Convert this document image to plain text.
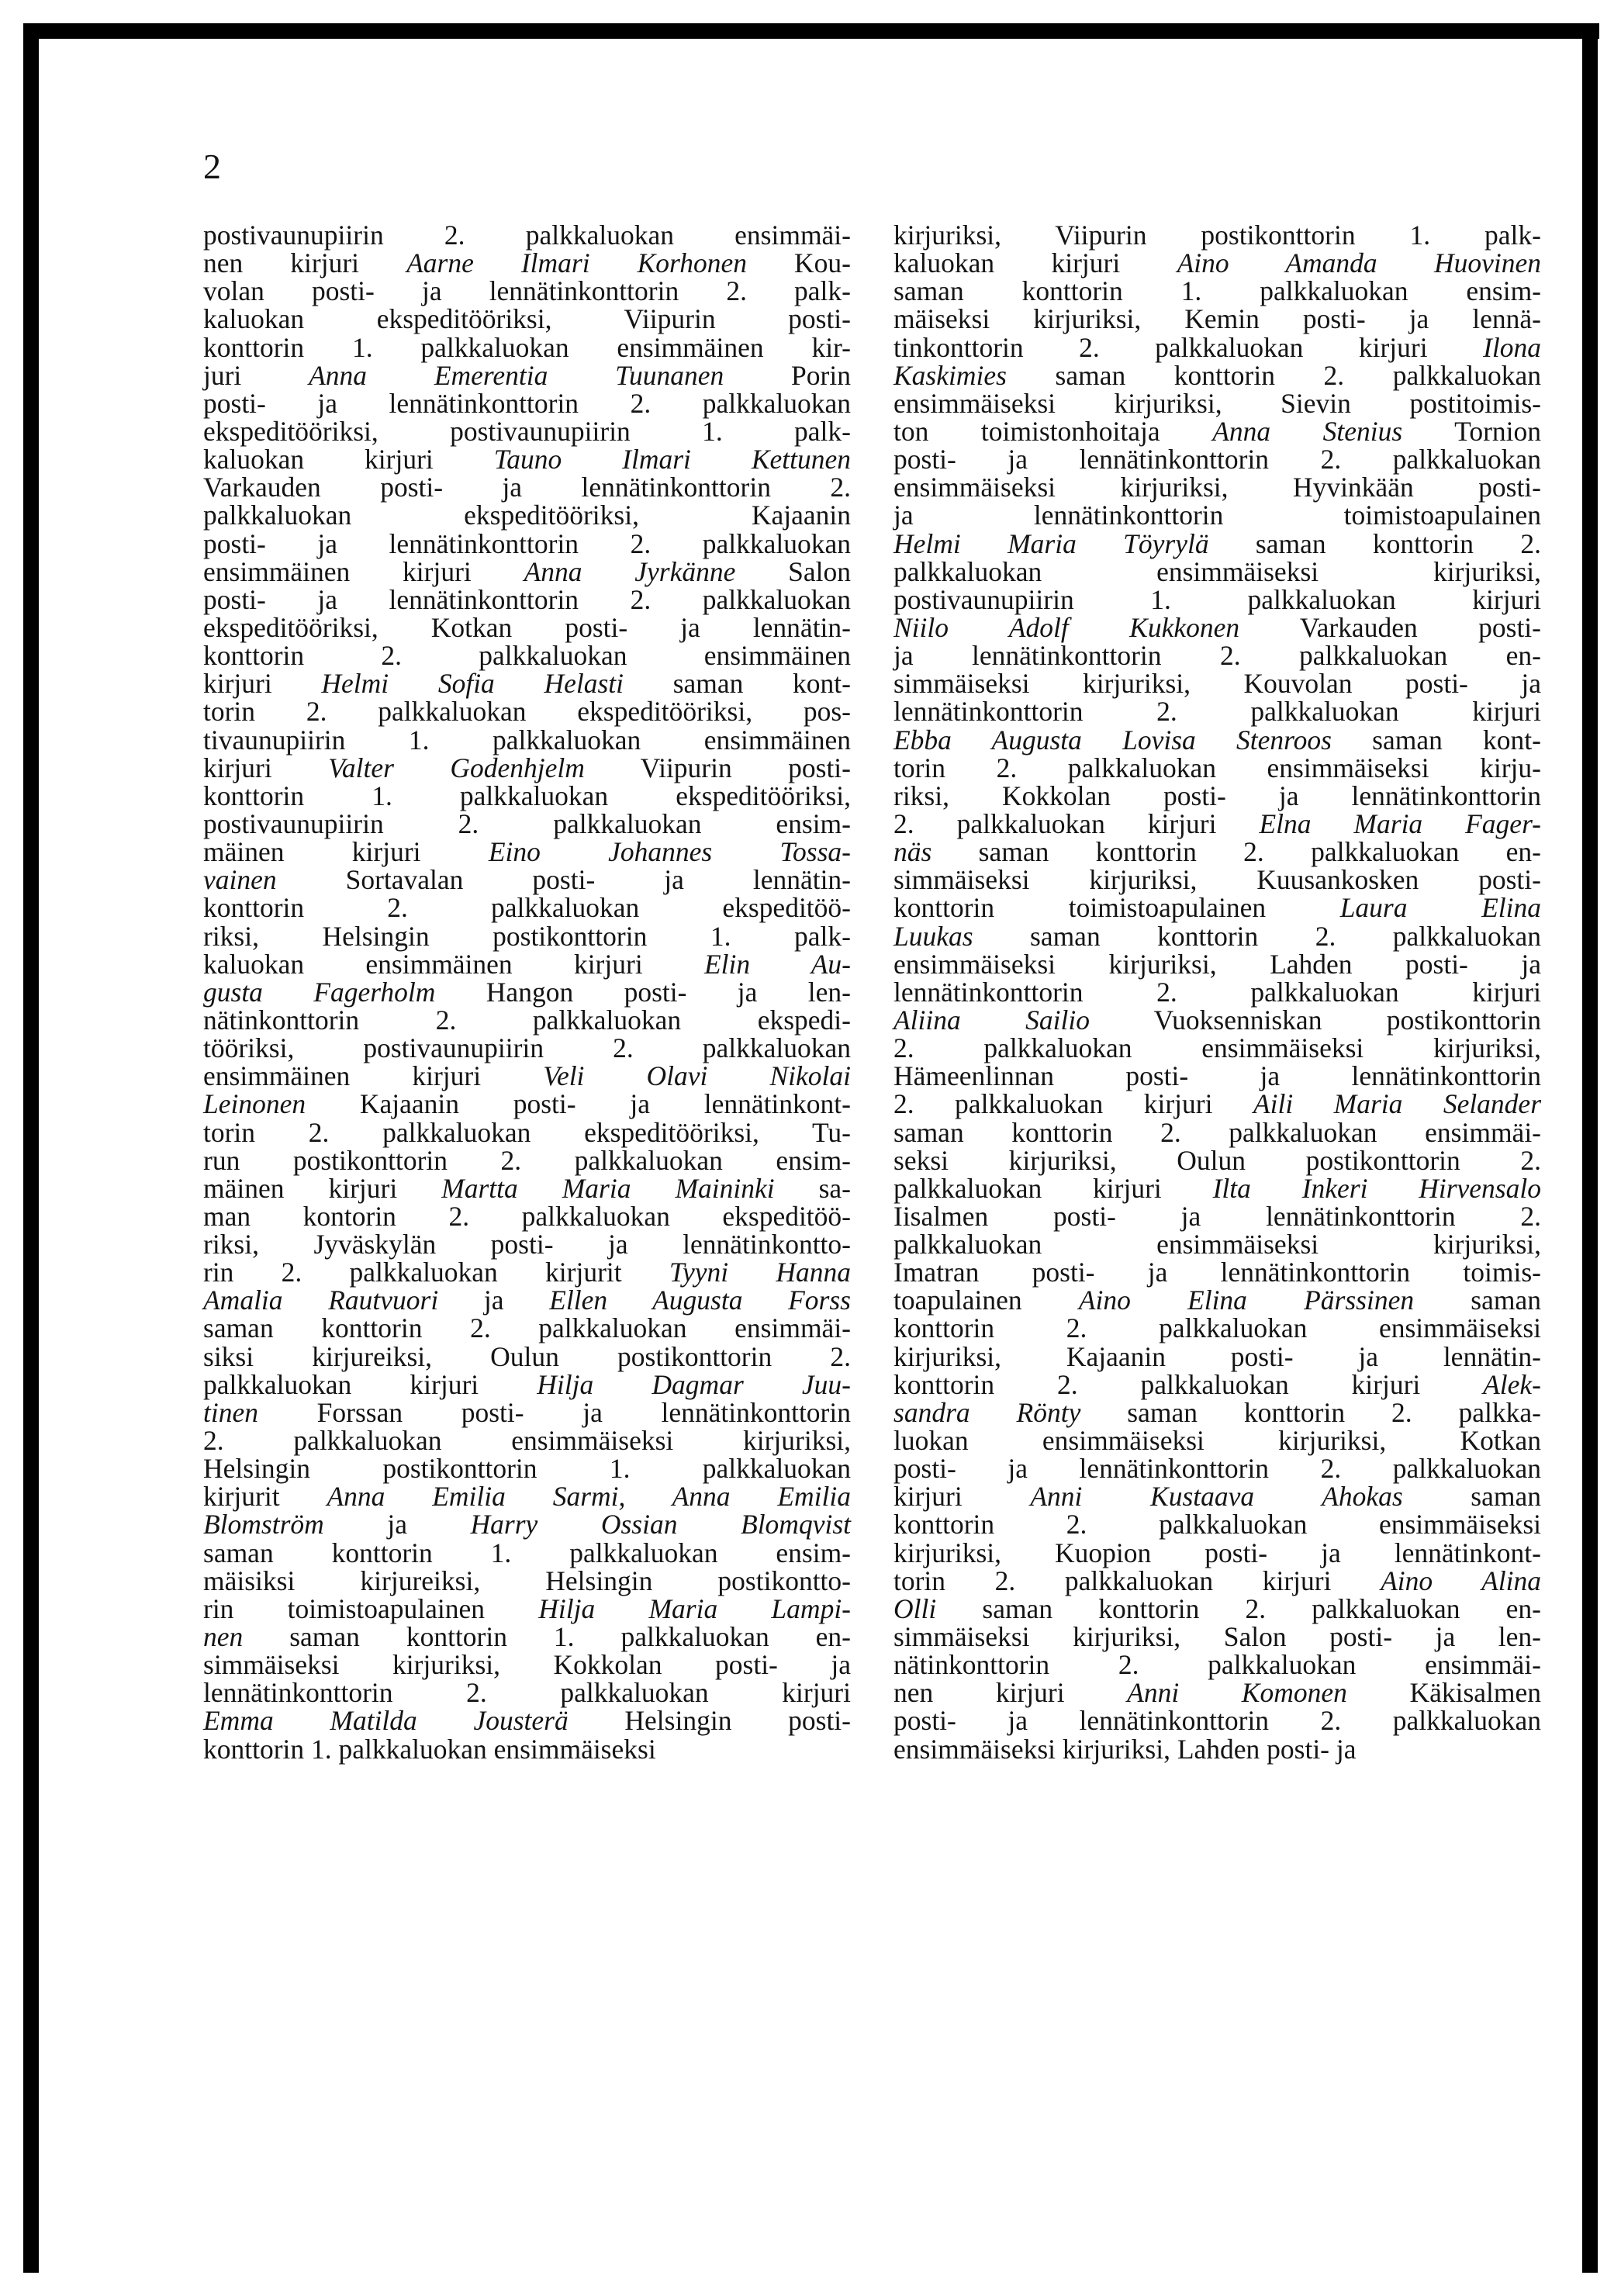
2
postivaunupiirin 2. palkkaluokan ensimmäi-
nen kirjuri Aarne Ilmari Korhonen Kou-
volan posti- ja lennätinkonttorin 2. palk-
kaluokan ekspeditööriksi, Viipurin posti-
konttorin 1. palkkaluokan ensimmäinen kir-
juri Anna Emerentia Tuunanen Porin
posti- ja lennätinkonttorin 2. palkkaluokan
ekspeditööriksi, postivaunupiirin 1. palk-
kaluokan kirjuri Tauno Ilmari Kettunen
Varkauden posti- ja lennätinkonttorin 2.
palkkaluokan ekspeditööriksi, Kajaanin
posti- ja lennätinkonttorin 2. palkkaluokan
ensimmäinen kirjuri Anna Jyrkänne Salon
posti- ja lennätinkonttorin 2. palkkaluokan
ekspeditööriksi, Kotkan posti- ja lennätin-
konttorin 2. palkkaluokan ensimmäinen
kirjuri Helmi Sofia Helasti saman kont-
torin 2. palkkaluokan ekspeditööriksi, pos-
tivaunupiirin 1. palkkaluokan ensimmäinen
kirjuri Valter Godenhjelm Viipurin posti-
konttorin 1. palkkaluokan ekspeditööriksi,
postivaunupiirin 2. palkkaluokan ensim-
mäinen kirjuri Eino Johannes Tossa-
vainen Sortavalan posti- ja lennätin-
konttorin 2. palkkaluokan ekspeditöö-
riksi, Helsingin postikonttorin 1. palk-
kaluokan ensimmäinen kirjuri Elin Au-
gusta Fagerholm Hangon posti- ja len-
nätinkonttorin 2. palkkaluokan ekspedi-
tööriksi, postivaunupiirin 2. palkkaluokan
ensimmäinen kirjuri Veli Olavi Nikolai
Leinonen Kajaanin posti- ja lennätinkont-
torin 2. palkkaluokan ekspeditööriksi, Tu-
run postikonttorin 2. palkkaluokan ensim-
mäinen kirjuri Martta Maria Maininki sa-
man kontorin 2. palkkaluokan ekspeditöö-
riksi, Jyväskylän posti- ja lennätinkontto-
rin 2. palkkaluokan kirjurit Tyyni Hanna
Amalia Rautvuori ja Ellen Augusta Forss
saman konttorin 2. palkkaluokan ensimmäi-
siksi kirjureiksi, Oulun postikonttorin 2.
palkkaluokan kirjuri Hilja Dagmar Juu-
tinen Forssan posti- ja lennätinkonttorin
2. palkkaluokan ensimmäiseksi kirjuriksi,
Helsingin postikonttorin 1. palkkaluokan
kirjurit Anna Emilia Sarmi, Anna Emilia
Blomström ja Harry Ossian Blomqvist
saman konttorin 1. palkkaluokan ensim-
mäisiksi kirjureiksi, Helsingin postikontto-
rin toimistoapulainen Hilja Maria Lampi-
nen saman konttorin 1. palkkaluokan en-
simmäiseksi kirjuriksi, Kokkolan posti- ja
lennätinkonttorin 2. palkkaluokan kirjuri
Emma Matilda Jousterä Helsingin posti-
konttorin 1. palkkaluokan ensimmäiseksi
kirjuriksi, Viipurin postikonttorin 1. palk-
kaluokan kirjuri Aino Amanda Huovinen
saman konttorin 1. palkkaluokan ensim-
mäiseksi kirjuriksi, Kemin posti- ja lennä-
tinkonttorin 2. palkkaluokan kirjuri Ilona
Kaskimies saman konttorin 2. palkkaluokan
ensimmäiseksi kirjuriksi, Sievin postitoimis-
ton toimistonhoitaja Anna Stenius Tornion
posti- ja lennätinkonttorin 2. palkkaluokan
ensimmäiseksi kirjuriksi, Hyvinkään posti-
ja lennätinkonttorin toimistoapulainen
Helmi Maria Töyrylä saman konttorin 2.
palkkaluokan ensimmäiseksi kirjuriksi,
postivaunupiirin 1. palkkaluokan kirjuri
Niilo Adolf Kukkonen Varkauden posti-
ja lennätinkonttorin 2. palkkaluokan en-
simmäiseksi kirjuriksi, Kouvolan posti- ja
lennätinkonttorin 2. palkkaluokan kirjuri
Ebba Augusta Lovisa Stenroos saman kont-
torin 2. palkkaluokan ensimmäiseksi kirju-
riksi, Kokkolan posti- ja lennätinkonttorin
2. palkkaluokan kirjuri Elna Maria Fager-
näs saman konttorin 2. palkkaluokan en-
simmäiseksi kirjuriksi, Kuusankosken posti-
konttorin toimistoapulainen Laura Elina
Luukas saman konttorin 2. palkkaluokan
ensimmäiseksi kirjuriksi, Lahden posti- ja
lennätinkonttorin 2. palkkaluokan kirjuri
Aliina Sailio Vuoksenniskan postikonttorin
2. palkkaluokan ensimmäiseksi kirjuriksi,
Hämeenlinnan posti- ja lennätinkonttorin
2. palkkaluokan kirjuri Aili Maria Selander
saman konttorin 2. palkkaluokan ensimmäi-
seksi kirjuriksi, Oulun postikonttorin 2.
palkkaluokan kirjuri Ilta Inkeri Hirvensalo
Iisalmen posti- ja lennätinkonttorin 2.
palkkaluokan ensimmäiseksi kirjuriksi,
Imatran posti- ja lennätinkonttorin toimis-
toapulainen Aino Elina Pärssinen saman
konttorin 2. palkkaluokan ensimmäiseksi
kirjuriksi, Kajaanin posti- ja lennätin-
konttorin 2. palkkaluokan kirjuri Alek-
sandra Rönty saman konttorin 2. palkka-
luokan ensimmäiseksi kirjuriksi, Kotkan
posti- ja lennätinkonttorin 2. palkkaluokan
kirjuri Anni Kustaava Ahokas saman
konttorin 2. palkkaluokan ensimmäiseksi
kirjuriksi, Kuopion posti- ja lennätinkont-
torin 2. palkkaluokan kirjuri Aino Alina
Olli saman konttorin 2. palkkaluokan en-
simmäiseksi kirjuriksi, Salon posti- ja len-
nätinkonttorin 2. palkkaluokan ensimmäi-
nen kirjuri Anni Komonen Käkisalmen
posti- ja lennätinkonttorin 2. palkkaluokan
ensimmäiseksi kirjuriksi, Lahden posti- ja
